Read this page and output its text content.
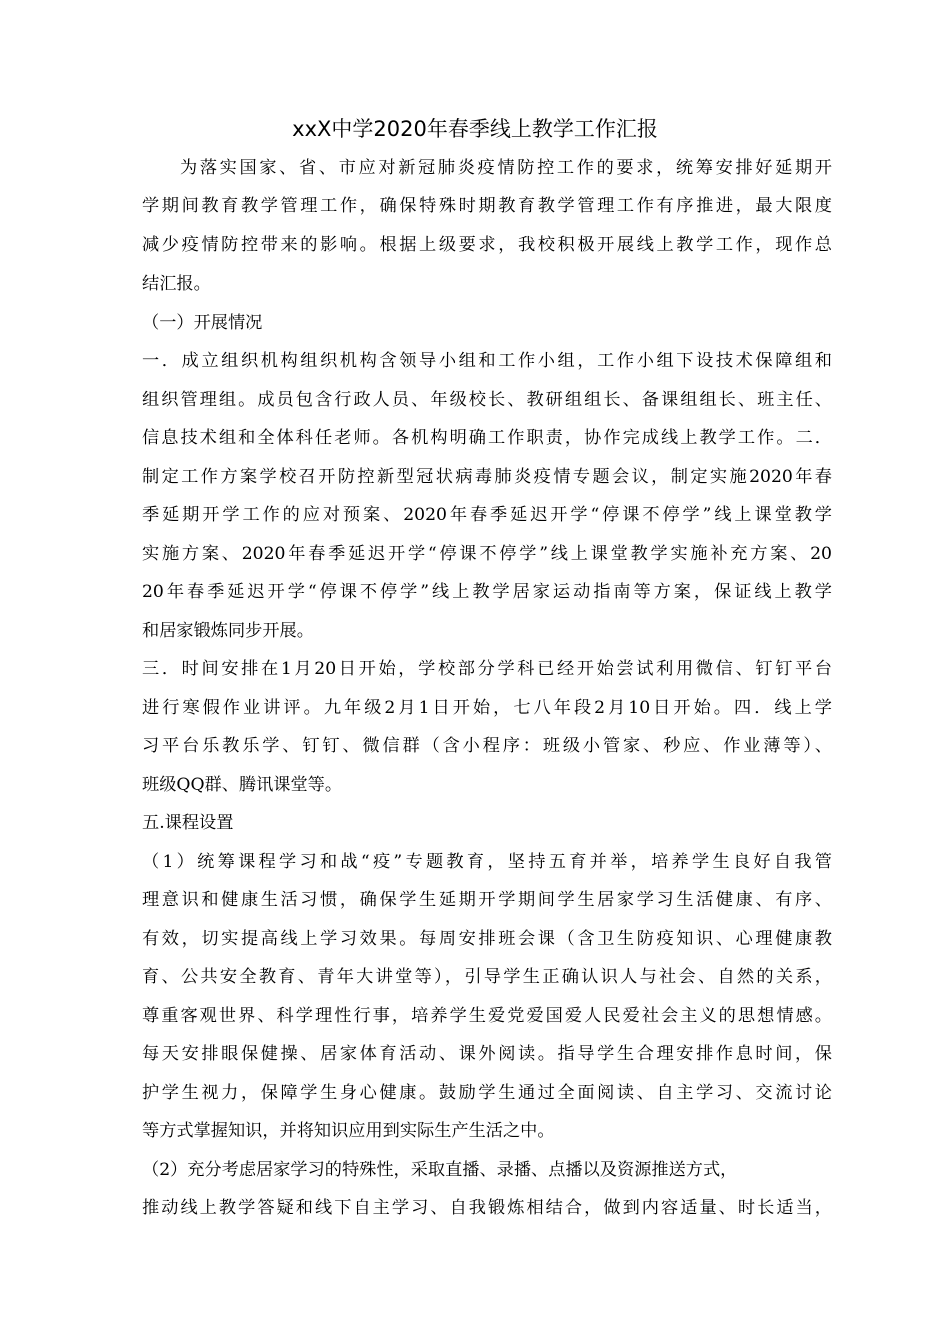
xxX中学2020年春季线上教学工作汇报
为落实国家、省、市应对新冠肺炎疫情防控工作的要求，统筹安排好延期开
学期间教育教学管理工作，确保特殊时期教育教学管理工作有序推进，最大限度
减少疫情防控带来的影响。根据上级要求，我校积极开展线上教学工作，现作总
结汇报。
（一）开展情况
一．成立组织机构组织机构含领导小组和工作小组，工作小组下设技术保障组和
组织管理组。成员包含行政人员、年级校长、教研组组长、备课组组长、班主任、
信息技术组和全体科任老师。各机构明确工作职责，协作完成线上教学工作。二．
制定工作方案学校召开防控新型冠状病毒肺炎疫情专题会议，制定实施2020年春
季延期开学工作的应对预案、2020年春季延迟开学“停课不停学”线上课堂教学
实施方案、2020年春季延迟开学“停课不停学”线上课堂教学实施补充方案、20
20年春季延迟开学“停课不停学”线上教学居家运动指南等方案，保证线上教学
和居家锻炼同步开展。
三．时间安排在1月20日开始，学校部分学科已经开始尝试利用微信、钉钉平台
进行寒假作业讲评。九年级2月1日开始，七八年段2月10日开始。四．线上学
习平台乐教乐学、钉钉、微信群（含小程序：班级小管家、秒应、作业薄等）、
班级QQ群、腾讯课堂等。
五.课程设置
（1）统筹课程学习和战“疫”专题教育，坚持五育并举，培养学生良好自我管
理意识和健康生活习惯，确保学生延期开学期间学生居家学习生活健康、有序、
有效，切实提高线上学习效果。每周安排班会课（含卫生防疫知识、心理健康教
育、公共安全教育、青年大讲堂等），引导学生正确认识人与社会、自然的关系，
尊重客观世界、科学理性行事，培养学生爱党爱国爱人民爱社会主义的思想情感。
每天安排眼保健操、居家体育活动、课外阅读。指导学生合理安排作息时间，保
护学生视力，保障学生身心健康。鼓励学生通过全面阅读、自主学习、交流讨论
等方式掌握知识，并将知识应用到实际生产生活之中。
（2）充分考虑居家学习的特殊性，采取直播、录播、点播以及资源推送方式，
推动线上教学答疑和线下自主学习、自我锻炼相结合，做到内容适量、时长适当，
